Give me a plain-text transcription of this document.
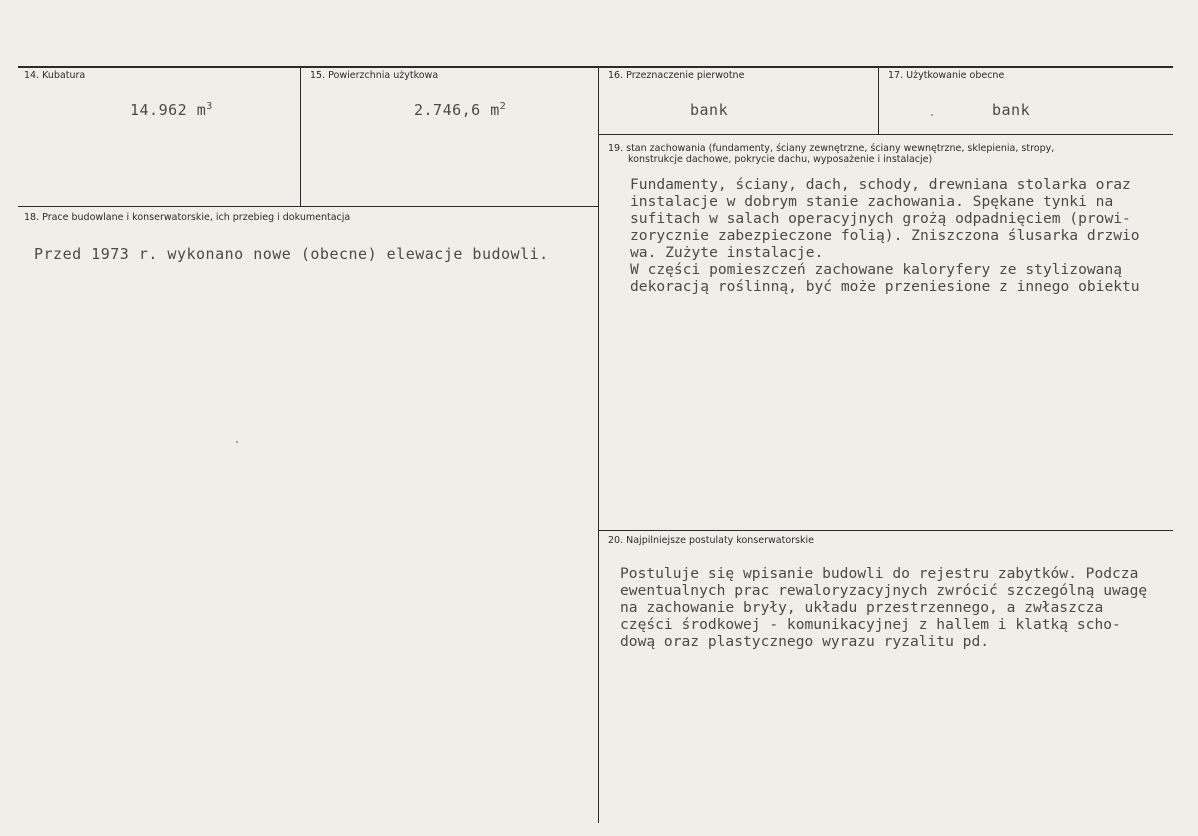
14. Kubatura
14.962 $m^3$
15. Powierzchnia użytkowa
2.746,6 $m^2$
16. Przeznaczenie pierwotne
bank
17. Użytkowanie obecne
bank
18. Prace budowlane i konserwatorskie, ich przebieg i dokumentacja
Przed 1973 r. wykonano nowe (obecne) elewacje budowli.
19. stan zachowania (fundamenty, ściany zewnętrzne, ściany wewnętrzne, sklepienia, stropy,
konstrukcje dachowe, pokrycie dachu, wyposażenie i instalacje)
Fundamenty, ściany, dach, schody, drewniana stolarka oraz
instalacje w dobrym stanie zachowania. Spękane tynki na
sufitach w salach operacyjnych grożą odpadnięciem (prowi-
zorycznie zabezpieczone folią). Zniszczona ślusarka drzwio
wa. Zużyte instalacje.
W części pomieszczeń zachowane kaloryfery ze stylizowaną
dekoracją roślinną, być może przeniesione z innego obiektu
20. Najpilniejsze postulaty konserwatorskie
Postuluje się wpisanie budowli do rejestru zabytków. Podcza
ewentualnych prac rewaloryzacyjnych zwrócić szczególną uwagę
na zachowanie bryły, układu przestrzennego, a zwłaszcza
części środkowej - komunikacyjnej z hallem i klatką scho-
dową oraz plastycznego wyrazu ryzalitu pd.
